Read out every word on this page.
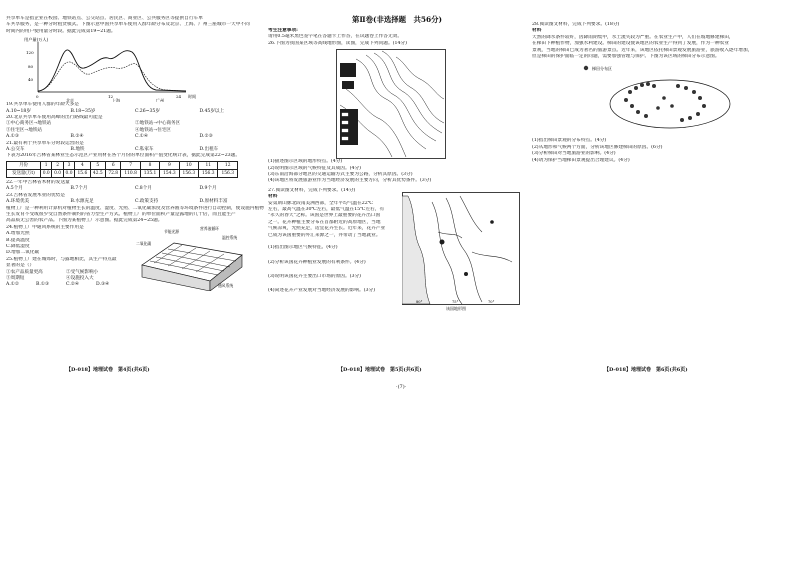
共享单车是指企业在校园、地铁站点、公交站点、居民区、商业区、公共服务区等提供自行车单

车共享服务，是一种分时租赁模式。下图示意中国共享单车使用人群年龄分布及北京、上海、广州三座城市一天中不同

时间内的用户使用量分时段。据此完成第19~21题。

用户量(万人)
120
80
40
0	12	24 时间
北京	上海	广州

19.共享单车使用人群的年龄大多是

A.10~18岁	B.18~35岁	C.26~35岁	D.45岁以上

20.北京共享单车使用高峰的出行路线最可能是

①中心商务区→地铁站	②地铁站→中心商务区
③住宅区→地铁站	④地铁站→住宅区
A.①③	B.②④	C.①④	D.②③

21.最有利于共享单车分时段运营的是

A.公交车	B.地铁	C.私家车	D.出租车

下表为2016年吉林省某林业生态示范区产业用材在各个月份的单位面积产值变化统计表，据此完成第22~23题。

月份	1	2	3	4	5	6	7	8	9	10	11	12
发送量(万t)	0.0	0.0	0.0	15.6	42.5	72.8	110.8	135.1	154.3	156.3	156.3	156.3

22.一年中吉林省木材的发送量

A.5个月	B.7个月	C.8个月	D.9个月

23.吉林省发展木业的优势是

A.环境优美	B.水源充足	C.政策支持	D.原材料丰富

植物工厂是一种利用计算机对植物生长的温度、湿度、光照、二氧化碳浓度及营养液等环境条件进行自动控制，使设施内植物

生长发育不受或很少受自然条件制约的省力型生产方式。植物工厂的单位面积产量是露地的几十倍，而且能生产

高品质无公害的农产品。下图为某植物工厂示意图。据此完成第24~25题。

24.植物工厂中通风系统的主要作用是

A.增加光照

B.提高温度

C.降低湿度

D.增加二氧化碳

25.植物工厂建在城郊时，与露地相比，其生产特点最

显著的是（）

①农产品质量更高	②受气候影响小
③周期短	④设施投入大
A.①②	B.①③	C.②④	D.③④
节能光源
营养液循环
温控系统
通风系统
二氧化碳
【D-018】地理试卷　第4页(共6页)
第Ⅱ卷(非选择题　共56分)

考生注意事项:

请用0.5毫米黑色签字笔在答题卡上作答，在试题卷上作答无效。

26.下图为我国某区域等高线地形图，读图，完成下列问题。(14分)

(1)描述图示区域的地形特点。(4分)

(2)说明图示区域的气候特征及其成因。(4分)

(3)东南沿海部分地区的交通运输方式主要为公路，分析其原因。(3分)

(4)该地区将发展旅游业作为当地经济发展的主要方向，分析其优势条件。(3分)

27.阅读图文材料，完成下列要求。(14分)

材料

安第斯山脉北段南美洲西部，全年平均气温在22℃

左右，最高气温在30℃左右，最低气温在15℃左右，有

"永久的春天"之称。该国是世界上最重要的花卉出口国

之一。花卉种植主要分布在首都附近的高原地区，当地

气候凉爽，光照充足，适宜花卉生长。近年来，花卉产业

已成为该国重要的外汇来源之一，并带动了当地就业。

(1)指出图示地区气候特征。(4分)

(2)分析该国花卉种植业发展的有利条件。(4分)

(3)说明该国花卉主要出口市场的原因。(3分)

(4)简述花卉产业发展对当地经济发展的影响。(3分)

80°	75°	70°
该国地形图
【D-018】地理试卷　第5页(共6页)
·(7)·

28.阅读图文材料，完成下列要求。(18分)

材料

天然的降水条件较好，因降雨期集中，水土流失较为严重。在农业生产中，人们在坡地修建梯田，

在梯田下种植作物，加强水利建设。梯田的建设使该地区的农业生产得到了发展，作为一种农业

景观，当地的梯田已成为著名的旅游景点。近年来，该地区依托梯田景观发展旅游业，旅游收入逐年增加，

但是梯田的保护面临一定的问题，需要加强管理与保护。下图为该区域的梯田分布示意图。

梯田分布区

(1)指出梯田景观的分布特点。(4分)

(2)从地形和气候两个方面，分析该地区修建梯田的原因。(6分)

(3)分析梯田对当地旅游业的影响。(4分)

(4)请为保护当地梯田景观提出合理建议。(4分)

【D-018】地理试卷　第6页(共6页)
